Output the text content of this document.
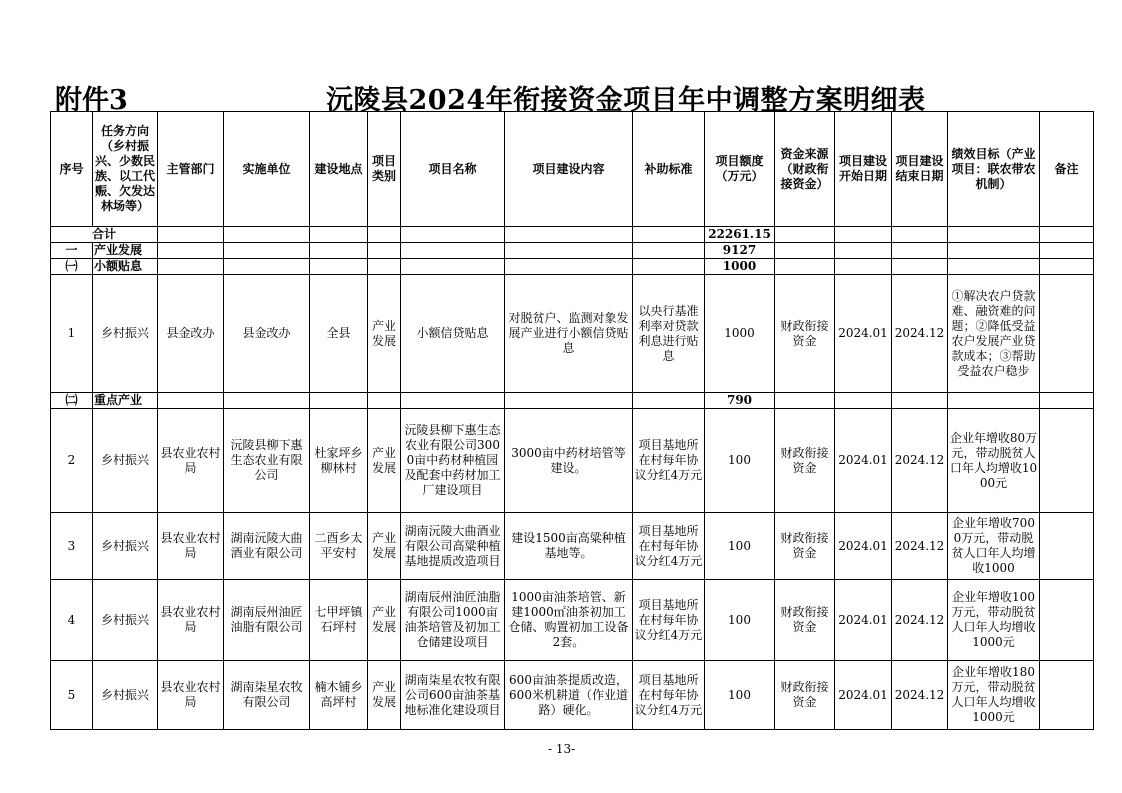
附件3	沅陵县2024年衔接资金项目年中调整方案明细表
序号	任务方向（乡村振兴、少数民族、以工代赈、欠发达林场等）	主管部门	实施单位	建设地点	项目类别	项目名称	项目建设内容	补助标准	项目额度（万元）	资金来源（财政衔接资金）	项目建设开始日期	项目建设结束日期	绩效目标（产业项目：联农带农机制）	备注
合计									22261.15					
一	产业发展								9127					
㈠	小额贴息								1000					
1	乡村振兴	县金改办	县金改办	全县	产业发展	小额信贷贴息	对脱贫户、监测对象发展产业进行小额信贷贴息	以央行基准利率对贷款利息进行贴息	1000	财政衔接资金	2024.01	2024.12	①解决农户贷款难、融资难的问题；②降低受益农户发展产业贷款成本；③帮助受益农户稳步	

㈡	重点产业								790					
2	乡村振兴	县农业农村局	沅陵县柳下惠生态农业有限公司	杜家坪乡柳林村	产业发展	沅陵县柳下惠生态农业有限公司3000亩中药材种植园及配套中药材加工厂建设项目	3000亩中药材培管等建设。	项目基地所在村每年协议分红4万元	100	财政衔接资金	2024.01	2024.12	企业年增收80万元，带动脱贫人口年人均增收1000元	
3	乡村振兴	县农业农村局	湖南沅陵大曲酒业有限公司	二酉乡太平安村	产业发展	湖南沅陵大曲酒业有限公司高粱种植基地提质改造项目	建设1500亩高粱种植基地等。	项目基地所在村每年协议分红4万元	100	财政衔接资金	2024.01	2024.12	企业年增收7000万元，带动脱贫人口年人均增收1000	

4	乡村振兴	县农业农村局	湖南辰州油匠油脂有限公司	七甲坪镇石坪村	产业发展	湖南辰州油匠油脂有限公司1000亩油茶培管及初加工仓储建设项目	1000亩油茶培管、新建1000㎡油茶初加工仓储、购置初加工设备2套。	项目基地所在村每年协议分红4万元	100	财政衔接资金	2024.01	2024.12	企业年增收100万元，带动脱贫人口年人均增收1000元	
5	乡村振兴	县农业农村局	湖南柒星农牧有限公司	楠木铺乡高坪村	产业发展	湖南柒星农牧有限公司600亩油茶基地标准化建设项目	600亩油茶提质改造，600米机耕道（作业道路）硬化。	项目基地所在村每年协议分红4万元	100	财政衔接资金	2024.01	2024.12	企业年增收180万元，带动脱贫人口年人均增收1000元	

- 13-
